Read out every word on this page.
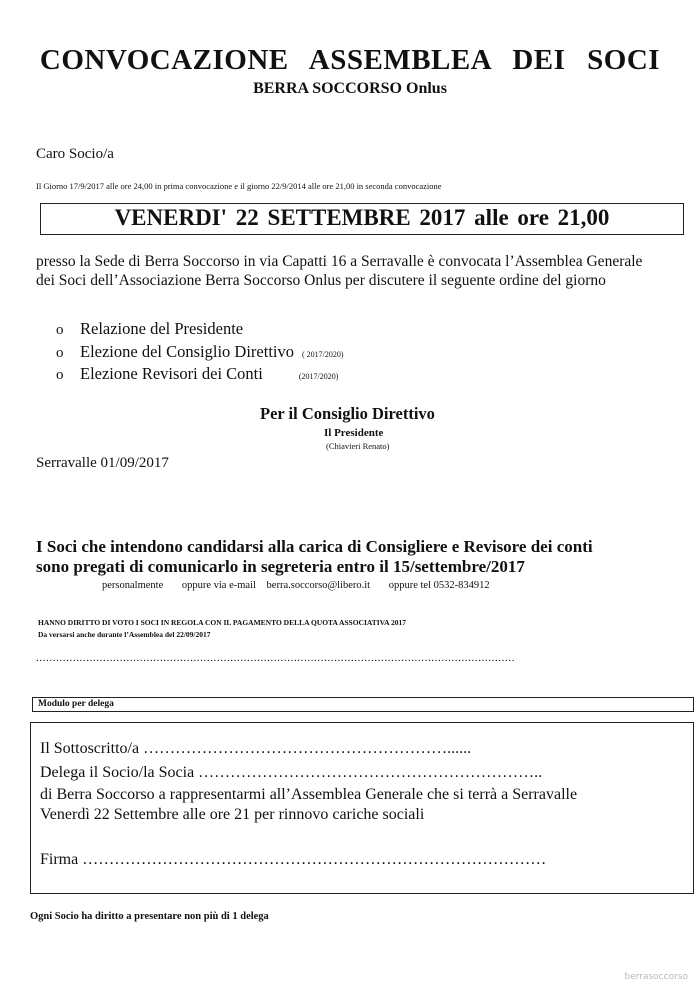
CONVOCAZIONE ASSEMBLEA DEI SOCI
BERRA SOCCORSO Onlus
Caro Socio/a
Il Giorno 17/9/2017 alle ore 24,00 in prima convocazione e il giorno 22/9/2014 alle ore 21,00 in seconda convocazione
VENERDI' 22 SETTEMBRE 2017 alle ore 21,00
presso la Sede di Berra Soccorso in via Capatti 16 a Serravalle è convocata l’Assemblea Generale
dei Soci dell’Associazione Berra Soccorso Onlus per discutere il seguente ordine del giorno
o Relazione del Presidente
o Elezione del Consiglio Direttivo ( 2017/2020)
o Elezione Revisori dei Conti	(2017/2020)
Per il Consiglio Direttivo
Il Presidente
(Chiavieri Renato)
Serravalle 01/09/2017
I Soci che intendono candidarsi alla carica di Consigliere e Revisore dei conti
sono pregati di comunicarlo in segreteria entro il 15/settembre/2017
personalmente oppure via e-mail berra.soccorso@libero.it oppure tel 0532-834912
HANNO DIRITTO DI VOTO I SOCI IN REGOLA CON IL PAGAMENTO DELLA QUOTA ASSOCIATIVA 2017
Da versarsi anche durante l’Assemblea del 22/09/2017
...............................................................................................................................................
Modulo per delega
Il Sottoscritto/a …………………………………………………......
Delega il Socio/la Socia ………………………………………………………..
di Berra Soccorso a rappresentarmi all’Assemblea Generale che si terrà a Serravalle
Venerdì 22 Settembre alle ore 21 per rinnovo cariche sociali
Firma ……………………………………………………………………………
Ogni Socio ha diritto a presentare non più di 1 delega
berrasoccorso
